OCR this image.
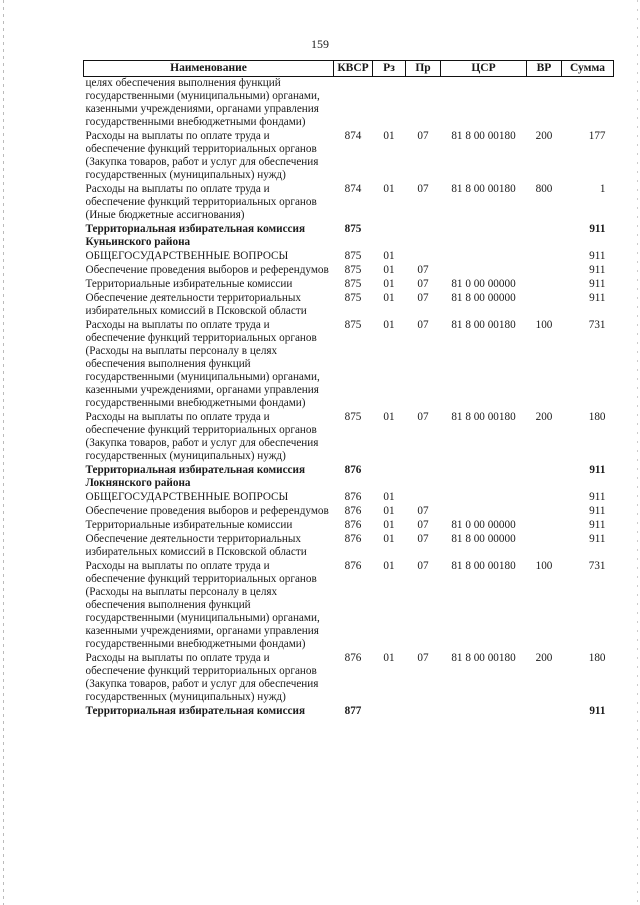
159
Наименование	КВСР	Рз	Пр	ЦСР	ВР	Сумма
целях обеспечения выполнения функций государственными (муниципальными) органами, казенными учреждениями, органами управления государственными внебюджетными фондами)						
Расходы на выплаты по оплате труда и обеспечение функций территориальных органов (Закупка товаров, работ и услуг для обеспечения государственных (муниципальных) нужд)	874	01	07	81 8 00 00180	200	177
Расходы на выплаты по оплате труда и обеспечение функций территориальных органов (Иные бюджетные ассигнования)	874	01	07	81 8 00 00180	800	1
Территориальная избирательная комиссия Куньинского района	875					911
ОБЩЕГОСУДАРСТВЕННЫЕ ВОПРОСЫ	875	01				911
Обеспечение проведения выборов и референдумов	875	01	07			911
Территориальные избирательные комиссии	875	01	07	81 0 00 00000		911
Обеспечение деятельности территориальных избирательных комиссий в Псковской области	875	01	07	81 8 00 00000		911
Расходы на выплаты по оплате труда и обеспечение функций территориальных органов (Расходы на выплаты персоналу в целях обеспечения выполнения функций государственными (муниципальными) органами, казенными учреждениями, органами управления государственными внебюджетными фондами)	875	01	07	81 8 00 00180	100	731
Расходы на выплаты по оплате труда и обеспечение функций территориальных органов (Закупка товаров, работ и услуг для обеспечения государственных (муниципальных) нужд)	875	01	07	81 8 00 00180	200	180
Территориальная избирательная комиссия Локнянского района	876					911
ОБЩЕГОСУДАРСТВЕННЫЕ ВОПРОСЫ	876	01				911
Обеспечение проведения выборов и референдумов	876	01	07			911
Территориальные избирательные комиссии	876	01	07	81 0 00 00000		911
Обеспечение деятельности территориальных избирательных комиссий в Псковской области	876	01	07	81 8 00 00000		911
Расходы на выплаты по оплате труда и обеспечение функций территориальных органов (Расходы на выплаты персоналу в целях обеспечения выполнения функций государственными (муниципальными) органами, казенными учреждениями, органами управления государственными внебюджетными фондами)	876	01	07	81 8 00 00180	100	731
Расходы на выплаты по оплате труда и обеспечение функций территориальных органов (Закупка товаров, работ и услуг для обеспечения государственных (муниципальных) нужд)	876	01	07	81 8 00 00180	200	180
Территориальная избирательная комиссия	877					911
